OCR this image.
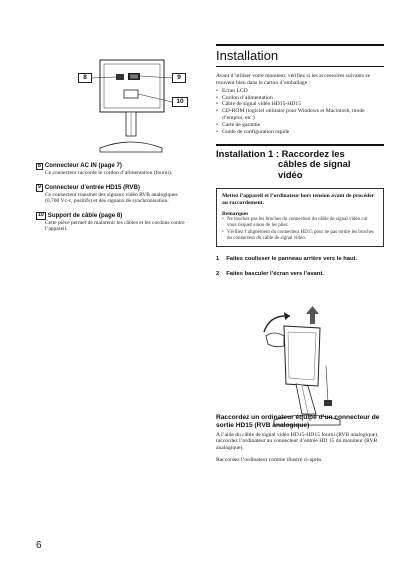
8	9
10
8 Connecteur AC IN (page 7)
Ce connecteur raccorde le cordon d’alimentation (fourni).
9 Connecteur d’entrée HD15 (RVB)
Ce connecteur transmet des signaux vidéo RVB analogiques (0,700 Vc-c, positifs) et des signaux de synchronisation.
10 Support de câble (page 8)
Cette pièce permet de maintenir les câbles et les cordons contre l’appareil.
6
Installation
Avant d’utiliser votre moniteur, vérifiez si les accessoires suivants se trouvent bien dans le carton d’emballage :
• Ecran LCD
• Cordon d’alimentation
• Câble de signal vidéo HD15-HD15
• CD-ROM (logiciel utilitaire pour Windows et Macintosh, mode d’emploi, etc.)
• Carte de garantie
• Guide de configuration rapide
Installation 1 : Raccordez les
câbles de signal
vidéo
Mettez l’appareil et l’ordinateur hors tension avant de procéder au raccordement.
Remarques
• Ne touchez pas les broches du connecteur du câble de signal vidéo car vous risquez sinon de les plier.
• Vérifiez l’alignement du connecteur HD15 pour ne pas tordre les broches du connecteur du câble de signal vidéo.
1 Faites coulisser le panneau arrière vers le haut.
2 Faites basculer l’écran vers l’avant.
Raccordez un ordinateur équipé d’un connecteur de sortie HD15 (RVB analogique)
A l’aide du câble de signal vidéo HD15-HD15 fourni (RVB analogique), raccordez l’ordinateur au connecteur d’entrée HD 15 du moniteur (RVB analogique).
Raccordez l’ordinateur comme illustré ci-après.
